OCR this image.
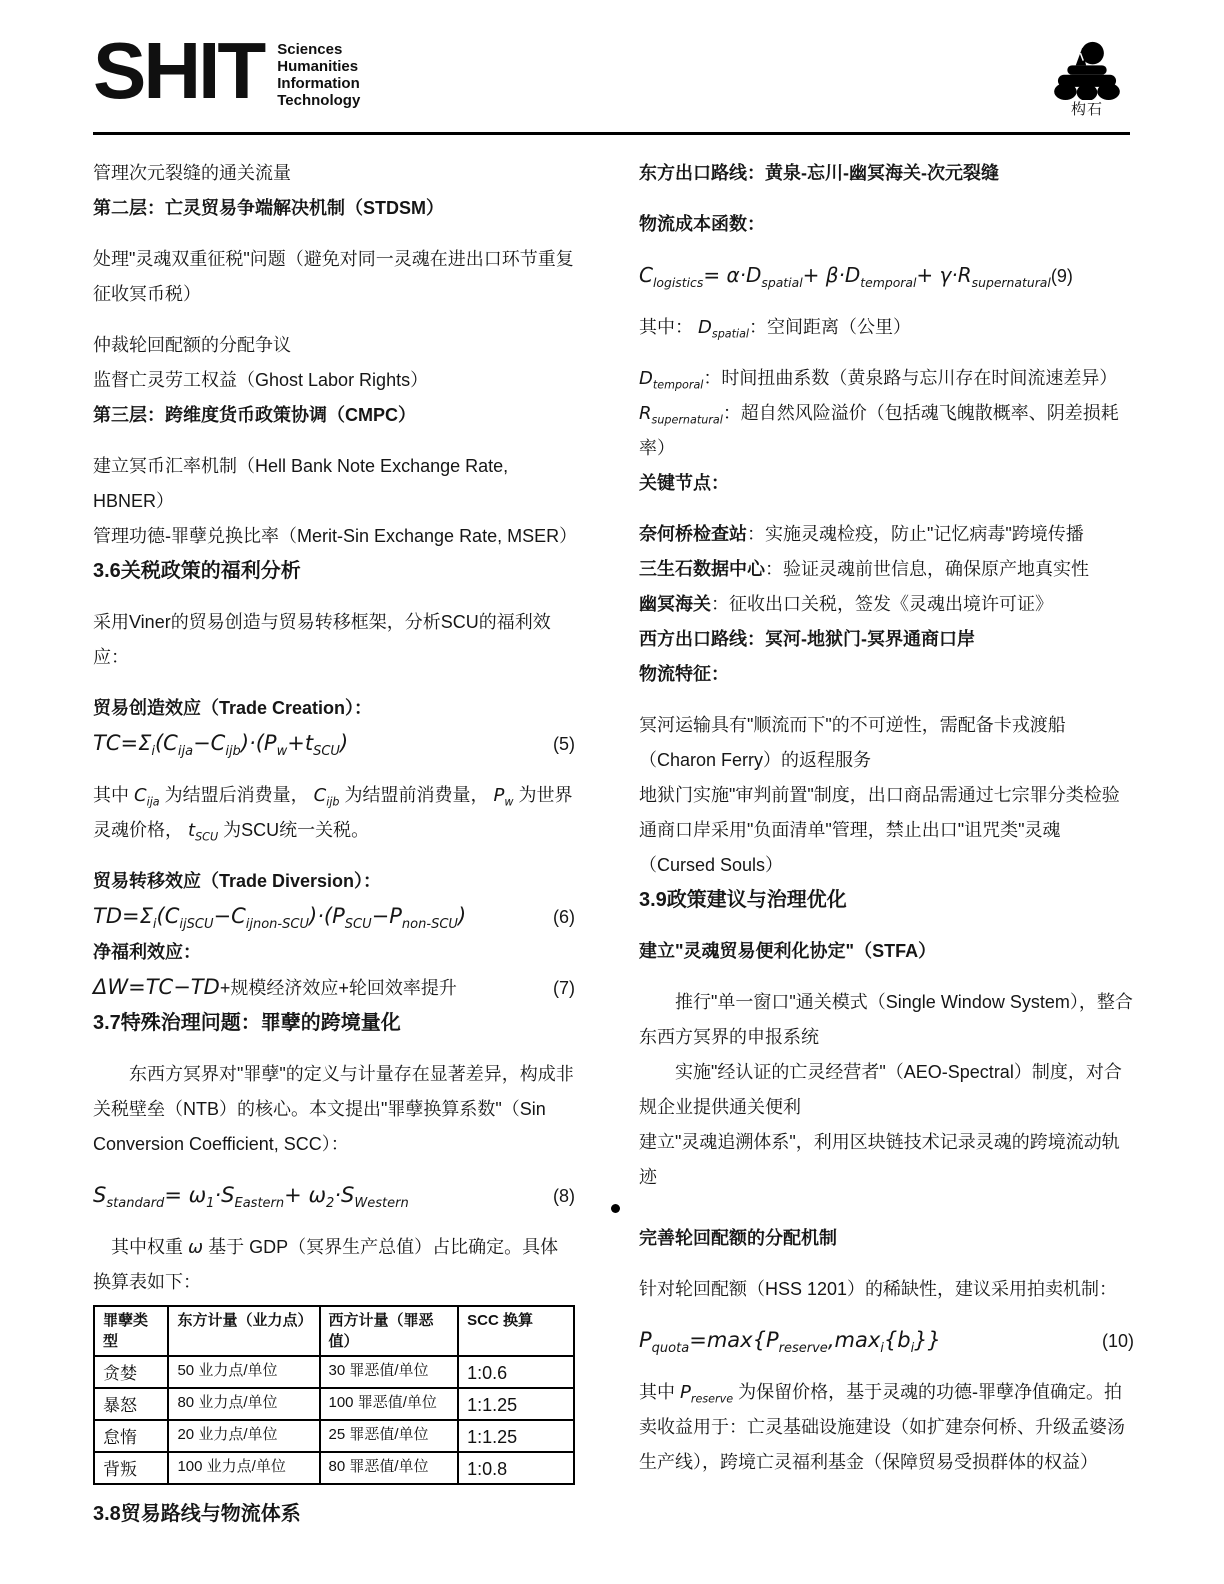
SHIT Sciences
Humanities
Information
Technology
构石

管理次元裂缝的通关流量

第二层：亡灵贸易争端解决机制（STDSM）

处理"灵魂双重征税"问题（避免对同一灵魂在进出口环节重复征收冥币税）

仲裁轮回配额的分配争议

监督亡灵劳工权益（Ghost Labor Rights）

第三层：跨维度货币政策协调（CMPC）

建立冥币汇率机制（Hell Bank Note Exchange Rate, HBNER）

管理功德-罪孽兑换比率（Merit-Sin Exchange Rate, MSER）

3.6关税政策的福利分析

采用Viner的贸易创造与贸易转移框架，分析SCU的福利效应：

贸易创造效应（Trade Creation）：

$TC=\Sigma_i(C_{ija}-C_{ijb})\cdot(P_w+t_{SCU})$	(5)

其中 $C_{ija}$ 为结盟后消费量， $C_{ijb}$ 为结盟前消费量， $P_w$ 为世界灵魂价格， $t_{SCU}$ 为SCU统一关税。

贸易转移效应（Trade Diversion）：

$TD=\Sigma_i(C_{ijSCU}-C_{ijnon-SCU})\cdot(P_{SCU}-P_{non-SCU})$	(6)

净福利效应：

ΔW=TC−TD+规模经济效应+轮回效率提升	(7)

3.7特殊治理问题：罪孽的跨境量化

东西方冥界对"罪孽"的定义与计量存在显著差异，构成非关税壁垒（NTB）的核心。本文提出"罪孽换算系数"（Sin Conversion Coefficient, SCC）：

$S_{standard}= \omega_1\cdot S_{Eastern}+ \omega_2\cdot S_{Western}$	(8)

其中权重 ω 基于 GDP（冥界生产总值）占比确定。具体换算表如下：

罪孽类型	东方计量（业力点）	西方计量（罪恶值）	SCC 换算
贪婪	50 业力点/单位	30 罪恶值/单位	1:0.6
暴怒	80 业力点/单位	100 罪恶值/单位	1:1.25
怠惰	20 业力点/单位	25 罪恶值/单位	1:1.25
背叛	100 业力点/单位	80 罪恶值/单位	1:0.8

3.8贸易路线与物流体系

东方出口路线：黄泉-忘川-幽冥海关-次元裂缝

物流成本函数：

$C_{logistics}= \alpha\cdot D_{spatial}+ \beta\cdot D_{temporal}+ \gamma\cdot R_{supernatural}(9)$

其中： $D_{spatial}$：空间距离（公里）

$D_{temporal}$：时间扭曲系数（黄泉路与忘川存在时间流速差异）

$R_{supernatural}$：超自然风险溢价（包括魂飞魄散概率、阴差损耗率）

关键节点：

奈何桥检查站：实施灵魂检疫，防止"记忆病毒"跨境传播

三生石数据中心：验证灵魂前世信息，确保原产地真实性

幽冥海关：征收出口关税，签发《灵魂出境许可证》

西方出口路线：冥河-地狱门-冥界通商口岸

物流特征：

冥河运输具有"顺流而下"的不可逆性，需配备卡戎渡船（Charon Ferry）的返程服务

地狱门实施"审判前置"制度，出口商品需通过七宗罪分类检验

通商口岸采用"负面清单"管理，禁止出口"诅咒类"灵魂（Cursed Souls）

3.9政策建议与治理优化

建立"灵魂贸易便利化协定"（STFA）

推行"单一窗口"通关模式（Single Window System），整合东西方冥界的申报系统

实施"经认证的亡灵经营者"（AEO-Spectral）制度，对合规企业提供通关便利

建立"灵魂追溯体系"，利用区块链技术记录灵魂的跨境流动轨迹

完善轮回配额的分配机制

针对轮回配额（HSS 1201）的稀缺性，建议采用拍卖机制：

$P_{quota}=\max\{P_{reserve},\max_i\{b_i\}\}$	(10)

其中 $P_{reserve}$ 为保留价格，基于灵魂的功德-罪孽净值确定。拍卖收益用于：亡灵基础设施建设（如扩建奈何桥、升级孟婆汤生产线），跨境亡灵福利基金（保障贸易受损群体的权益）
